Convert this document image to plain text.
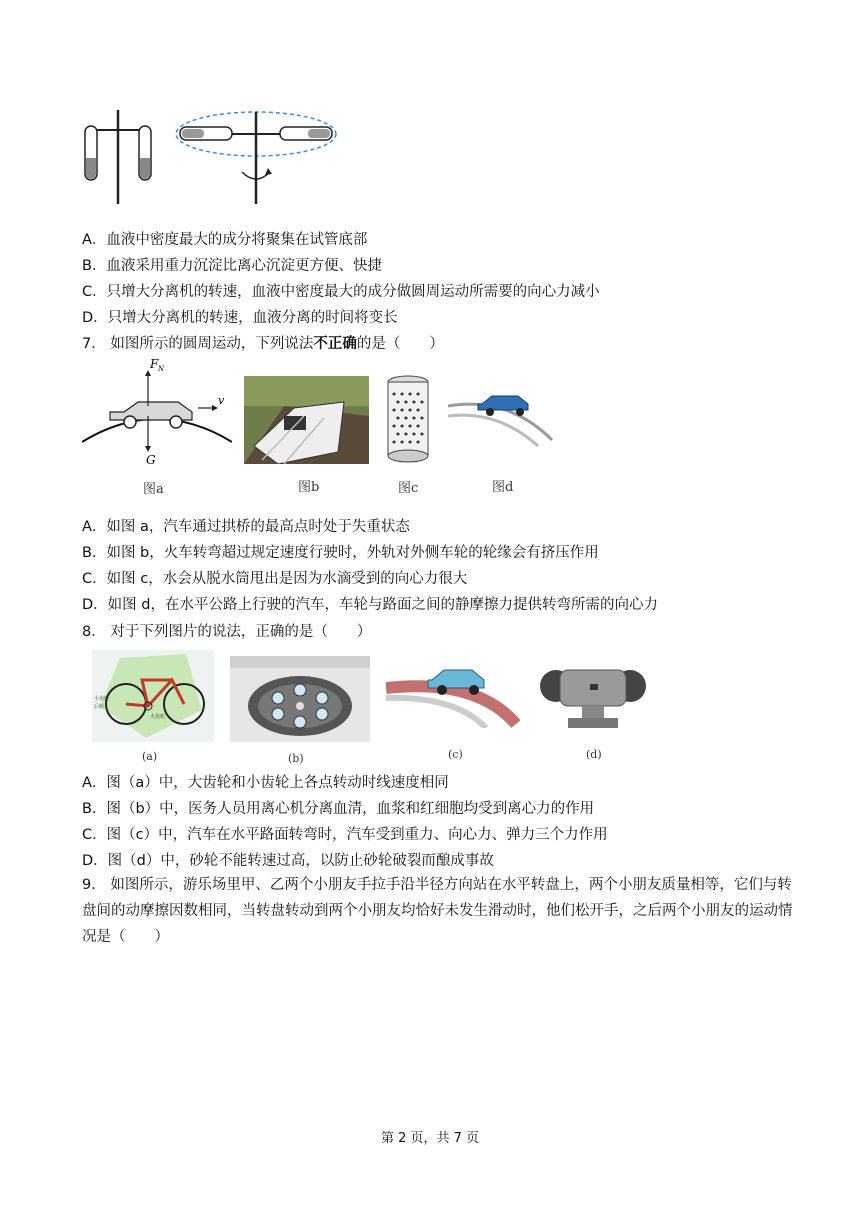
A．血液中密度最大的成分将聚集在试管底部
B．血液采用重力沉淀比离心沉淀更方便、快捷
C．只增大分离机的转速，血液中密度最大的成分做圆周运动所需要的向心力减小
D．只增大分离机的转速，血液分离的时间将变长
7． 如图所示的圆周运动，下列说法不正确的是（　　）
F N
v
G
图a	图b	图c	图d
A．如图 a，汽车通过拱桥的最高点时处于失重状态
B．如图 b，火车转弯超过规定速度行驶时，外轨对外侧车轮的轮缘会有挤压作用
C．如图 c，水会从脱水筒甩出是因为水滴受到的向心力很大
D．如图 d，在水平公路上行驶的汽车，车轮与路面之间的静摩擦力提供转弯所需的向心力
8． 对于下列图片的说法，正确的是（　　）
小齿轮
后轮
大齿轮
(a)	(b)	(c)	(d)
A．图（a）中，大齿轮和小齿轮上各点转动时线速度相同
B．图（b）中，医务人员用离心机分离血清，血浆和红细胞均受到离心力的作用
C．图（c）中，汽车在水平路面转弯时，汽车受到重力、向心力、弹力三个力作用
D．图（d）中，砂轮不能转速过高，以防止砂轮破裂而酿成事故
9． 如图所示，游乐场里甲、乙两个小朋友手拉手沿半径方向站在水平转盘上，两个小朋友质量相等，它们与转盘间的动摩擦因数相同，当转盘转动到两个小朋友均恰好未发生滑动时，他们松开手，之后两个小朋友的运动情况是（　　）
第 2 页，共 7 页
